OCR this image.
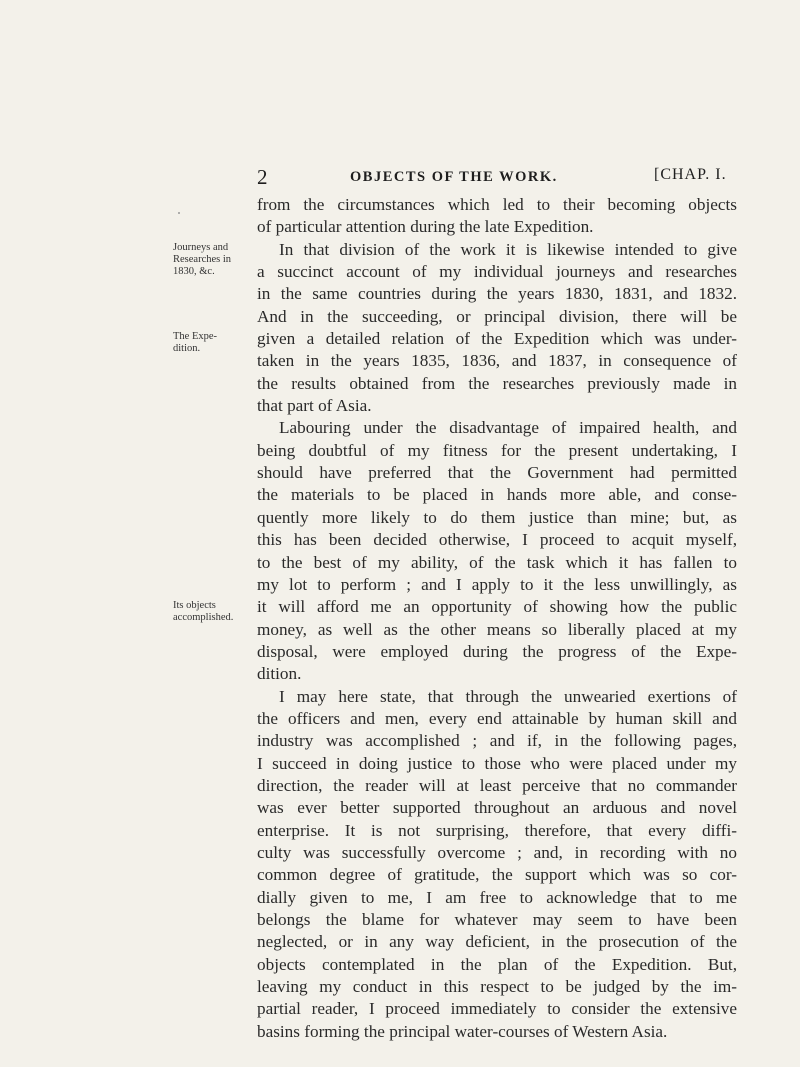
2	OBJECTS OF THE WORK.	[CHAP. I.
Journeys and
Researches in
1830, &c.
The Expe-
dition.
Its objects
accomplished.
from the circumstances which led to their becoming objects
of particular attention during the late Expedition.
In that division of the work it is likewise intended to give
a succinct account of my individual journeys and researches
in the same countries during the years 1830, 1831, and 1832.
And in the succeeding, or principal division, there will be
given a detailed relation of the Expedition which was under-
taken in the years 1835, 1836, and 1837, in consequence of
the results obtained from the researches previously made in
that part of Asia.
Labouring under the disadvantage of impaired health, and
being doubtful of my fitness for the present undertaking, I
should have preferred that the Government had permitted
the materials to be placed in hands more able, and conse-
quently more likely to do them justice than mine; but, as
this has been decided otherwise, I proceed to acquit myself,
to the best of my ability, of the task which it has fallen to
my lot to perform ; and I apply to it the less unwillingly, as
it will afford me an opportunity of showing how the public
money, as well as the other means so liberally placed at my
disposal, were employed during the progress of the Expe-
dition.
I may here state, that through the unwearied exertions of
the officers and men, every end attainable by human skill and
industry was accomplished ; and if, in the following pages,
I succeed in doing justice to those who were placed under my
direction, the reader will at least perceive that no commander
was ever better supported throughout an arduous and novel
enterprise. It is not surprising, therefore, that every diffi-
culty was successfully overcome ; and, in recording with no
common degree of gratitude, the support which was so cor-
dially given to me, I am free to acknowledge that to me
belongs the blame for whatever may seem to have been
neglected, or in any way deficient, in the prosecution of the
objects contemplated in the plan of the Expedition. But,
leaving my conduct in this respect to be judged by the im-
partial reader, I proceed immediately to consider the extensive
basins forming the principal water-courses of Western Asia.
